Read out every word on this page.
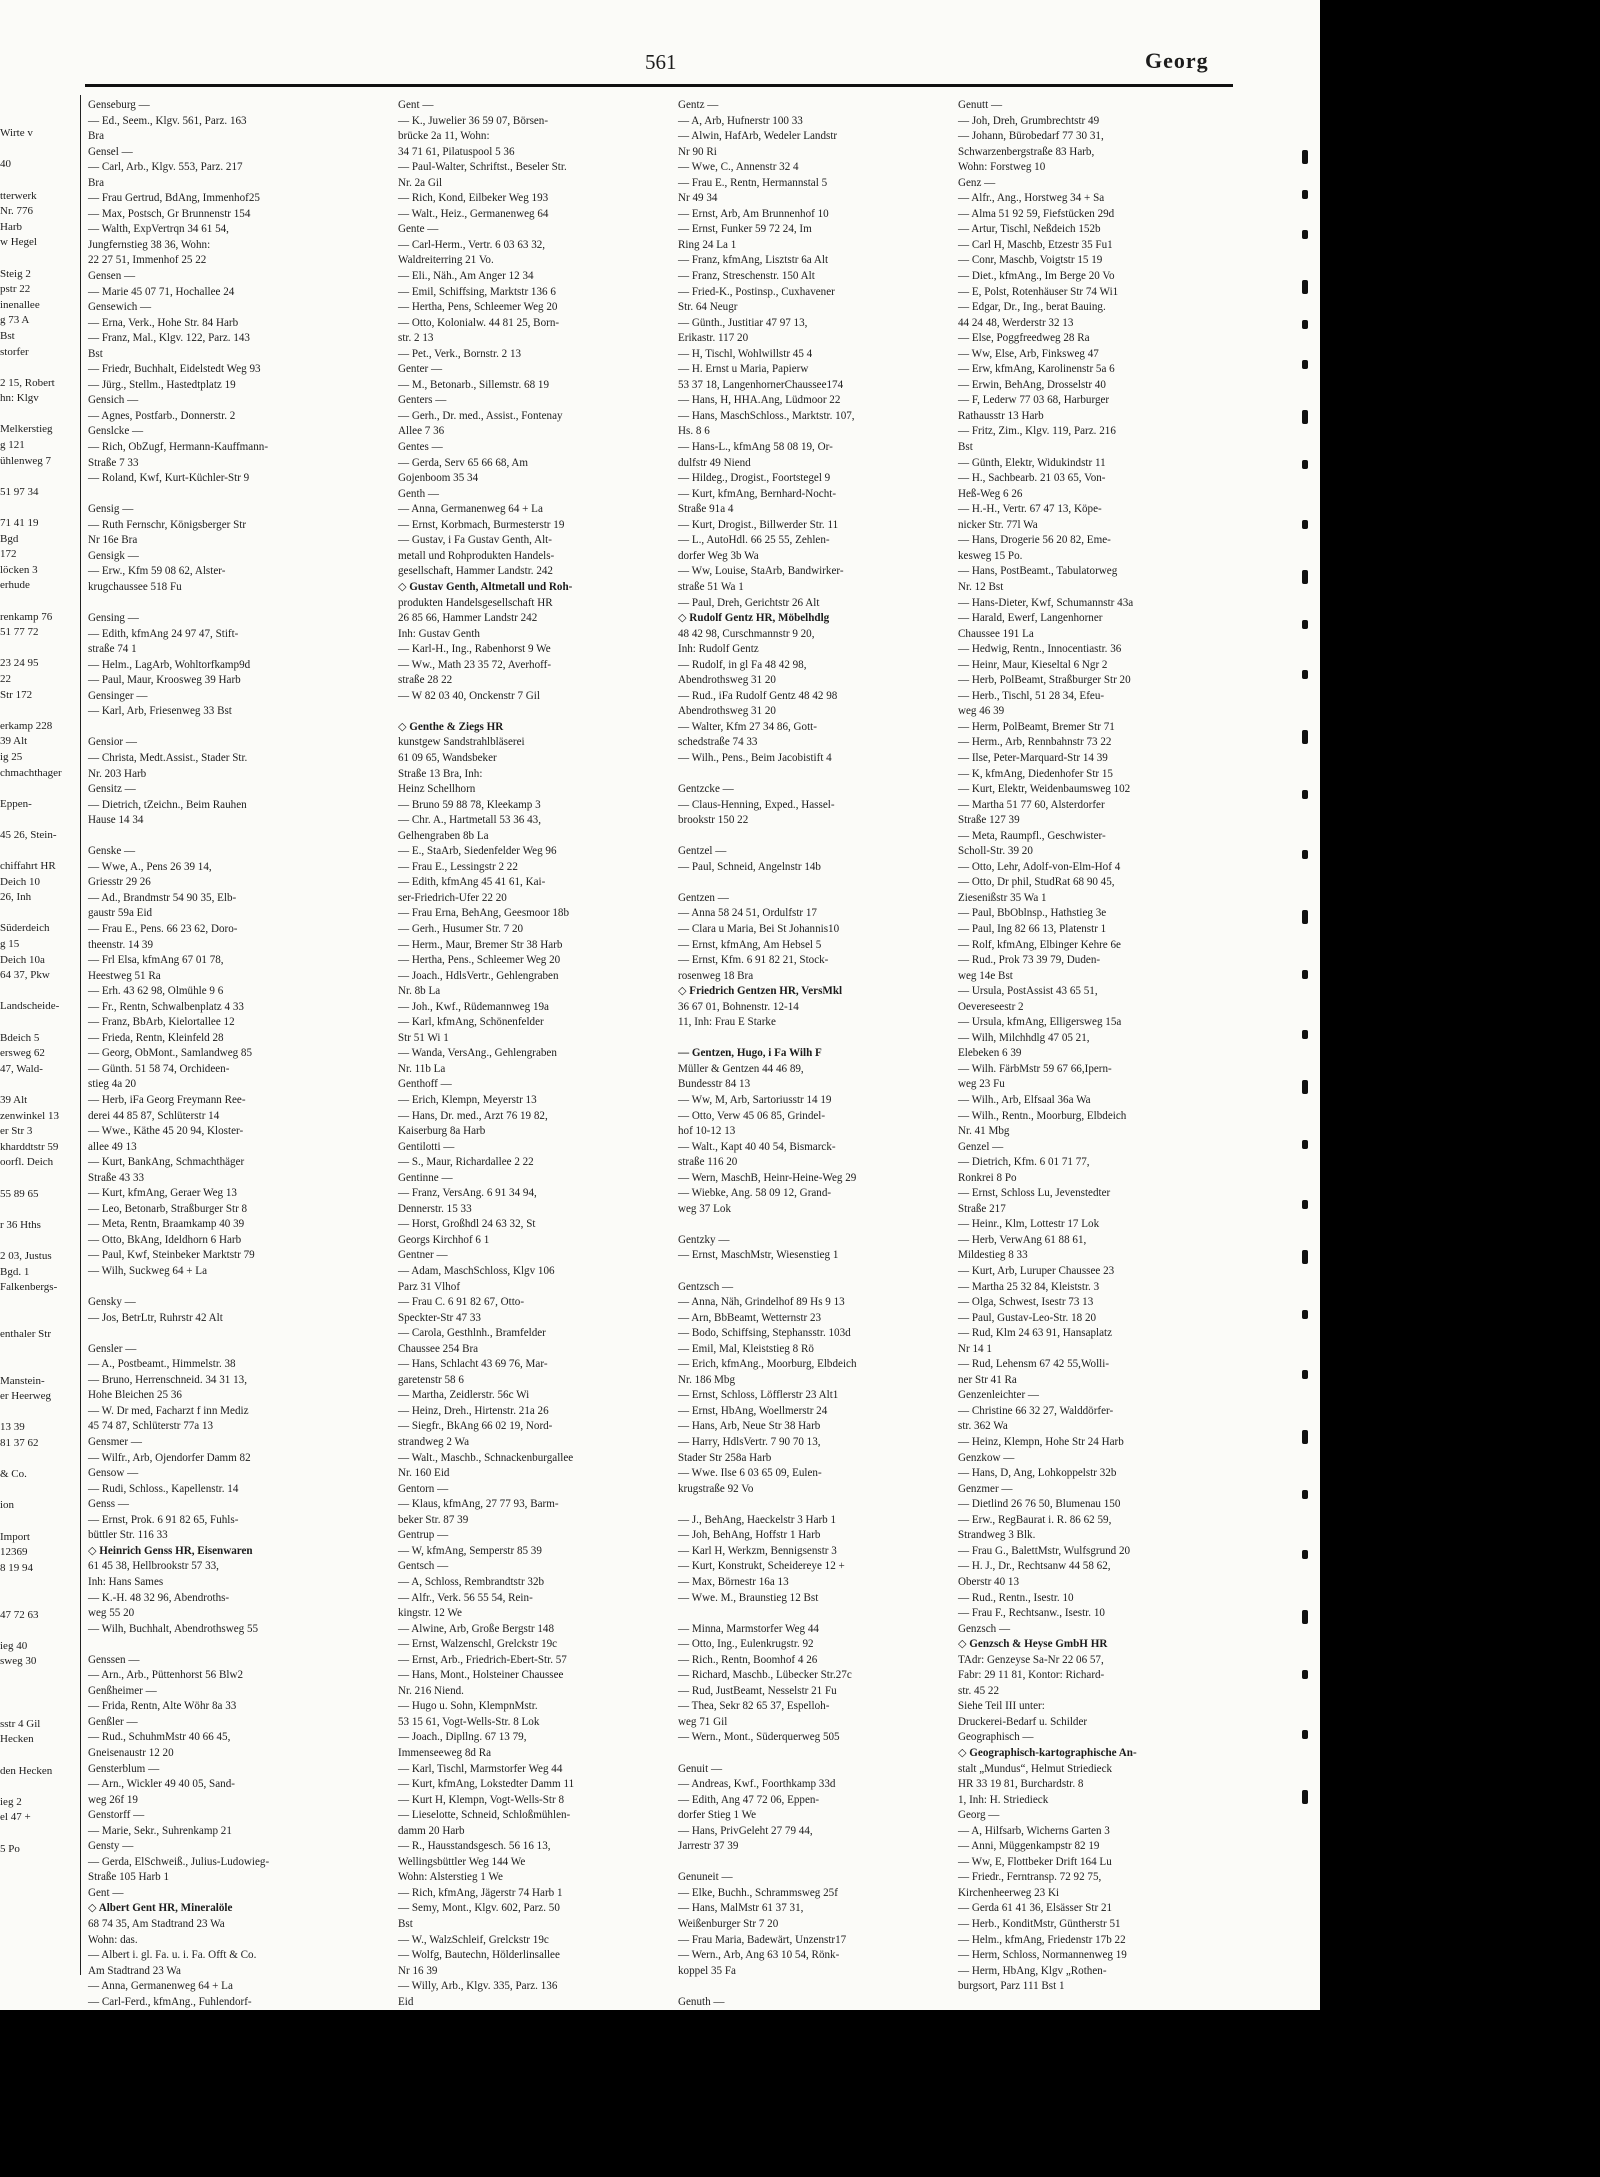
Wirte v
40
tterwerk
Nr. 776
Harb
w Hegel
Steig 2
pstr 22
inenallee
g 73 A
Bst
storfer
2 15, Robert
hn: Klgv
Melkerstieg
g 121
ühlenweg 7
51 97 34
71 41 19
Bgd
172
löcken 3
erhude
renkamp 76
51 77 72
23 24 95
22
Str 172
erkamp 228
39 Alt
ig 25
chmachthager
Eppen-
45 26, Stein-
chiffahrt HR
Deich 10
26, Inh
Süderdeich
g 15
Deich 10a
64 37, Pkw
Landscheide-
Bdeich 5
ersweg 62
47, Wald-
39 Alt
zenwinkel 13
er Str 3
kharddtstr 59
oorfl. Deich
55 89 65
r 36 Hths
2 03, Justus
Bgd. 1
Falkenbergs-
enthaler Str
Manstein-
er Heerweg
13 39
81 37 62
& Co.
ion
Import
12369
8 19 94
47 72 63
ieg 40
sweg 30
sstr 4 Gil
Hecken
den Hecken
ieg 2
el 47 +
5 Po
561	Georg
Genseburg —
— Ed., Seem., Klgv. 561, Parz. 163
Bra
Gensel —
— Carl, Arb., Klgv. 553, Parz. 217
Bra
— Frau Gertrud, BdAng, Immenhof25
— Max, Postsch, Gr Brunnenstr 154
— Walth, ExpVertrqn 34 61 54,
Jungfernstieg 38 36, Wohn:
22 27 51, Immenhof 25 22
Gensen —
— Marie 45 07 71, Hochallee 24
Gensewich —
— Erna, Verk., Hohe Str. 84 Harb
— Franz, Mal., Klgv. 122, Parz. 143
Bst
— Friedr, Buchhalt, Eidelstedt Weg 93
— Jürg., Stellm., Hastedtplatz 19
Gensich —
— Agnes, Postfarb., Donnerstr. 2
Genslcke —
— Rich, ObZugf, Hermann-Kauffmann-
Straße 7 33
— Roland, Kwf, Kurt-Küchler-Str 9
Gensig —
— Ruth Fernschr, Königsberger Str
Nr 16e Bra
Gensigk —
— Erw., Kfm 59 08 62, Alster-
krugchaussee 518 Fu
Gensing —
— Edith, kfmAng 24 97 47, Stift-
straße 74 1
— Helm., LagArb, Wohltorfkamp9d
— Paul, Maur, Kroosweg 39 Harb
Gensinger —
— Karl, Arb, Friesenweg 33 Bst
Gensior —
— Christa, Medt.Assist., Stader Str.
Nr. 203 Harb
Gensitz —
— Dietrich, tZeichn., Beim Rauhen
Hause 14 34
Genske —
— Wwe, A., Pens 26 39 14,
Griesstr 29 26
— Ad., Brandmstr 54 90 35, Elb-
gaustr 59a Eid
— Frau E., Pens. 66 23 62, Doro-
theenstr. 14 39
— Frl Elsa, kfmAng 67 01 78,
Heestweg 51 Ra
— Erh. 43 62 98, Olmühle 9 6
— Fr., Rentn, Schwalbenplatz 4 33
— Franz, BbArb, Kielortallee 12
— Frieda, Rentn, Kleinfeld 28
— Georg, ObMont., Samlandweg 85
— Günth. 51 58 74, Orchideen-
stieg 4a 20
— Herb, iFa Georg Freymann Ree-
derei 44 85 87, Schlüterstr 14
— Wwe., Käthe 45 20 94, Kloster-
allee 49 13
— Kurt, BankAng, Schmachthäger
Straße 43 33
— Kurt, kfmAng, Geraer Weg 13
— Leo, Betonarb, Straßburger Str 8
— Meta, Rentn, Braamkamp 40 39
— Otto, BkAng, Ideldhorn 6 Harb
— Paul, Kwf, Steinbeker Marktstr 79
— Wilh, Suckweg 64 + La
Gensky —
— Jos, BetrLtr, Ruhrstr 42 Alt
Gensler —
— A., Postbeamt., Himmelstr. 38
— Bruno, Herrenschneid. 34 31 13,
Hohe Bleichen 25 36
— W. Dr med, Facharzt f inn Mediz
45 74 87, Schlüterstr 77a 13
Gensmer —
— Wilfr., Arb, Ojendorfer Damm 82
Gensow —
— Rudi, Schloss., Kapellenstr. 14
Genss —
— Ernst, Prok. 6 91 82 65, Fuhls-
büttler Str. 116 33
◇ Heinrich Genss HR, Eisenwaren
61 45 38, Hellbrookstr 57 33,
Inh: Hans Sames
— K.-H. 48 32 96, Abendroths-
weg 55 20
— Wilh, Buchhalt, Abendrothsweg 55
Genssen —
— Arn., Arb., Püttenhorst 56 Blw2
Genßheimer —
— Frida, Rentn, Alte Wöhr 8a 33
Genßler —
— Rud., SchuhmMstr 40 66 45,
Gneisenaustr 12 20
Gensterblum —
— Arn., Wickler 49 40 05, Sand-
weg 26f 19
Genstorff —
— Marie, Sekr., Suhrenkamp 21
Gensty —
— Gerda, ElSchweiß., Julius-Ludowieg-
Straße 105 Harb 1
Gent —
◇ Albert Gent HR, Mineralöle
68 74 35, Am Stadtrand 23 Wa
Wohn: das.
— Albert i. gl. Fa. u. i. Fa. Offt & Co.
Am Stadtrand 23 Wa
— Anna, Germanenweg 64 + La
— Carl-Ferd., kfmAng., Fuhlendorf-
Gent —
— K., Juwelier 36 59 07, Börsen-
brücke 2a 11, Wohn:
34 71 61, Pilatuspool 5 36
— Paul-Walter, Schriftst., Beseler Str.
Nr. 2a Gil
— Rich, Kond, Eilbeker Weg 193
— Walt., Heiz., Germanenweg 64
Gente —
— Carl-Herm., Vertr. 6 03 63 32,
Waldreiterring 21 Vo.
— Eli., Näh., Am Anger 12 34
— Emil, Schiffsing, Marktstr 136 6
— Hertha, Pens, Schleemer Weg 20
— Otto, Kolonialw. 44 81 25, Born-
str. 2 13
— Pet., Verk., Bornstr. 2 13
Genter —
— M., Betonarb., Sillemstr. 68 19
Genters —
— Gerh., Dr. med., Assist., Fontenay
Allee 7 36
Gentes —
— Gerda, Serv 65 66 68, Am
Gojenboom 35 34
Genth —
— Anna, Germanenweg 64 + La
— Ernst, Korbmach, Burmesterstr 19
— Gustav, i Fa Gustav Genth, Alt-
metall und Rohprodukten Handels-
gesellschaft, Hammer Landstr. 242
◇ Gustav Genth, Altmetall und Roh-
produkten Handelsgesellschaft HR
26 85 66, Hammer Landstr 242
Inh: Gustav Genth
— Karl-H., Ing., Rabenhorst 9 We
— Ww., Math 23 35 72, Averhoff-
straße 28 22
— W 82 03 40, Onckenstr 7 Gil
◇ Genthe & Ziegs HR
kunstgew Sandstrahlbläserei
61 09 65, Wandsbeker
Straße 13 Bra, Inh:
Heinz Schellhorn
— Bruno 59 88 78, Kleekamp 3
— Chr. A., Hartmetall 53 36 43,
Gelhengraben 8b La
— E., StaArb, Siedenfelder Weg 96
— Frau E., Lessingstr 2 22
— Edith, kfmAng 45 41 61, Kai-
ser-Friedrich-Ufer 22 20
— Frau Erna, BehAng, Geesmoor 18b
— Gerh., Husumer Str. 7 20
— Herm., Maur, Bremer Str 38 Harb
— Hertha, Pens., Schleemer Weg 20
— Joach., HdlsVertr., Gehlengraben
Nr. 8b La
— Joh., Kwf., Rüdemannweg 19a
— Karl, kfmAng, Schönenfelder
Str 51 Wi 1
— Wanda, VersAng., Gehlengraben
Nr. 11b La
Genthoff —
— Erich, Klempn, Meyerstr 13
— Hans, Dr. med., Arzt 76 19 82,
Kaiserburg 8a Harb
Gentilotti —
— S., Maur, Richardallee 2 22
Gentinne —
— Franz, VersAng. 6 91 34 94,
Dennerstr. 15 33
— Horst, Großhdl 24 63 32, St
Georgs Kirchhof 6 1
Gentner —
— Adam, MaschSchloss, Klgv 106
Parz 31 Vlhof
— Frau C. 6 91 82 67, Otto-
Speckter-Str 47 33
— Carola, Gesthlnh., Bramfelder
Chaussee 254 Bra
— Hans, Schlacht 43 69 76, Mar-
garetenstr 58 6
— Martha, Zeidlerstr. 56c Wi
— Heinz, Dreh., Hirtenstr. 21a 26
— Siegfr., BkAng 66 02 19, Nord-
strandweg 2 Wa
— Walt., Maschb., Schnackenburgallee
Nr. 160 Eid
Gentorn —
— Klaus, kfmAng, 27 77 93, Barm-
beker Str. 87 39
Gentrup —
— W, kfmAng, Semperstr 85 39
Gentsch —
— A, Schloss, Rembrandtstr 32b
— Alfr., Verk. 56 55 54, Rein-
kingstr. 12 We
— Alwine, Arb, Große Bergstr 148
— Ernst, Walzenschl, Grelckstr 19c
— Ernst, Arb., Friedrich-Ebert-Str. 57
— Hans, Mont., Holsteiner Chaussee
Nr. 216 Niend.
— Hugo u. Sohn, KlempnMstr.
53 15 61, Vogt-Wells-Str. 8 Lok
— Joach., Dipllng. 67 13 79,
Immenseeweg 8d Ra
— Karl, Tischl, Marmstorfer Weg 44
— Kurt, kfmAng, Lokstedter Damm 11
— Kurt H, Klempn, Vogt-Wells-Str 8
— Lieselotte, Schneid, Schloßmühlen-
damm 20 Harb
— R., Hausstandsgesch. 56 16 13,
Wellingsbüttler Weg 144 We
Wohn: Alsterstieg 1 We
— Rich, kfmAng, Jägerstr 74 Harb 1
— Semy, Mont., Klgv. 602, Parz. 50
Bst
— W., WalzSchleif, Grelckstr 19c
— Wolfg, Bautechn, Hölderlinsallee
Nr 16 39
— Willy, Arb., Klgv. 335, Parz. 136
Eid
Gentz —
— A, Arb, Hufnerstr 100 33
— Alwin, HafArb, Wedeler Landstr
Nr 90 Ri
— Wwe, C., Annenstr 32 4
— Frau E., Rentn, Hermannstal 5
Nr 49 34
— Ernst, Arb, Am Brunnenhof 10
— Ernst, Funker 59 72 24, Im
Ring 24 La 1
— Franz, kfmAng, Lisztstr 6a Alt
— Franz, Streschenstr. 150 Alt
— Fried-K., Postinsp., Cuxhavener
Str. 64 Neugr
— Günth., Justitiar 47 97 13,
Erikastr. 117 20
— H, Tischl, Wohlwillstr 45 4
— H. Ernst u Maria, Papierw
53 37 18, LangenhornerChaussee174
— Hans, H, HHA.Ang, Lüdmoor 22
— Hans, MaschSchloss., Marktstr. 107,
Hs. 8 6
— Hans-L., kfmAng 58 08 19, Or-
dulfstr 49 Niend
— Hildeg., Drogist., Foortstegel 9
— Kurt, kfmAng, Bernhard-Nocht-
Straße 91a 4
— Kurt, Drogist., Billwerder Str. 11
— L., AutoHdl. 66 25 55, Zehlen-
dorfer Weg 3b Wa
— Ww, Louise, StaArb, Bandwirker-
straße 51 Wa 1
— Paul, Dreh, Gerichtstr 26 Alt
◇ Rudolf Gentz HR, Möbelhdlg
48 42 98, Curschmannstr 9 20,
Inh: Rudolf Gentz
— Rudolf, in gl Fa 48 42 98,
Abendrothsweg 31 20
— Rud., iFa Rudolf Gentz 48 42 98
Abendrothsweg 31 20
— Walter, Kfm 27 34 86, Gott-
schedstraße 74 33
— Wilh., Pens., Beim Jacobistift 4
Gentzcke —
— Claus-Henning, Exped., Hassel-
brookstr 150 22
Gentzel —
— Paul, Schneid, Angelnstr 14b
Gentzen —
— Anna 58 24 51, Ordulfstr 17
— Clara u Maria, Bei St Johannis10
— Ernst, kfmAng, Am Hebsel 5
— Ernst, Kfm. 6 91 82 21, Stock-
rosenweg 18 Bra
◇ Friedrich Gentzen HR, VersMkl
36 67 01, Bohnenstr. 12-14
11, Inh: Frau E Starke
— Gentzen, Hugo, i Fa Wilh F
Müller & Gentzen 44 46 89,
Bundesstr 84 13
— Ww, M, Arb, Sartoriusstr 14 19
— Otto, Verw 45 06 85, Grindel-
hof 10-12 13
— Walt., Kapt 40 40 54, Bismarck-
straße 116 20
— Wern, MaschB, Heinr-Heine-Weg 29
— Wiebke, Ang. 58 09 12, Grand-
weg 37 Lok
Gentzky —
— Ernst, MaschMstr, Wiesenstieg 1
Gentzsch —
— Anna, Näh, Grindelhof 89 Hs 9 13
— Arn, BbBeamt, Wetternstr 23
— Bodo, Schiffsing, Stephansstr. 103d
— Emil, Mal, Kleiststieg 8 Rö
— Erich, kfmAng., Moorburg, Elbdeich
Nr. 186 Mbg
— Ernst, Schloss, Löfflerstr 23 Alt1
— Ernst, HbAng, Woellmerstr 24
— Hans, Arb, Neue Str 38 Harb
— Harry, HdlsVertr. 7 90 70 13,
Stader Str 258a Harb
— Wwe. Ilse 6 03 65 09, Eulen-
krugstraße 92 Vo
— J., BehAng, Haeckelstr 3 Harb 1
— Joh, BehAng, Hoffstr 1 Harb
— Karl H, Werkzm, Bennigsenstr 3
— Kurt, Konstrukt, Scheidereye 12 +
— Max, Börnestr 16a 13
— Wwe. M., Braunstieg 12 Bst
— Minna, Marmstorfer Weg 44
— Otto, Ing., Eulenkrugstr. 92
— Rich., Rentn, Boomhof 4 26
— Richard, Maschb., Lübecker Str.27c
— Rud, JustBeamt, Nesselstr 21 Fu
— Thea, Sekr 82 65 37, Espelloh-
weg 71 Gil
— Wern., Mont., Süderquerweg 505
Genuit —
— Andreas, Kwf., Foorthkamp 33d
— Edith, Ang 47 72 06, Eppen-
dorfer Stieg 1 We
— Hans, PrivGeleht 27 79 44,
Jarrestr 37 39
Genuneit —
— Elke, Buchh., Schrammsweg 25f
— Hans, MalMstr 61 37 31,
Weißenburger Str 7 20
— Frau Maria, Badewärt, Unzenstr17
— Wern., Arb, Ang 63 10 54, Rönk-
koppel 35 Fa
Genuth —
Genutt —
— Joh, Dreh, Grumbrechtstr 49
— Johann, Bürobedarf 77 30 31,
Schwarzenbergstraße 83 Harb,
Wohn: Forstweg 10
Genz —
— Alfr., Ang., Horstweg 34 + Sa
— Alma 51 92 59, Fiefstücken 29d
— Artur, Tischl, Neßdeich 152b
— Carl H, Maschb, Etzestr 35 Fu1
— Conr, Maschb, Voigtstr 15 19
— Diet., kfmAng., Im Berge 20 Vo
— E, Polst, Rotenhäuser Str 74 Wi1
— Edgar, Dr., Ing., berat Bauing.
44 24 48, Werderstr 32 13
— Else, Poggfreedweg 28 Ra
— Ww, Else, Arb, Finksweg 47
— Erw, kfmAng, Karolinenstr 5a 6
— Erwin, BehAng, Drosselstr 40
— F, Lederw 77 03 68, Harburger
Rathausstr 13 Harb
— Fritz, Zim., Klgv. 119, Parz. 216
Bst
— Günth, Elektr, Widukindstr 11
— H., Sachbearb. 21 03 65, Von-
Heß-Weg 6 26
— H.-H., Vertr. 67 47 13, Köpe-
nicker Str. 77l Wa
— Hans, Drogerie 56 20 82, Eme-
kesweg 15 Po.
— Hans, PostBeamt., Tabulatorweg
Nr. 12 Bst
— Hans-Dieter, Kwf, Schumannstr 43a
— Harald, Ewerf, Langenhorner
Chaussee 191 La
— Hedwig, Rentn., Innocentiastr. 36
— Heinr, Maur, Kieseltal 6 Ngr 2
— Herb, PolBeamt, Straßburger Str 20
— Herb., Tischl, 51 28 34, Efeu-
weg 46 39
— Herm, PolBeamt, Bremer Str 71
— Herm., Arb, Rennbahnstr 73 22
— Ilse, Peter-Marquard-Str 14 39
— K, kfmAng, Diedenhofer Str 15
— Kurt, Elektr, Weidenbaumsweg 102
— Martha 51 77 60, Alsterdorfer
Straße 127 39
— Meta, Raumpfl., Geschwister-
Scholl-Str. 39 20
— Otto, Lehr, Adolf-von-Elm-Hof 4
— Otto, Dr phil, StudRat 68 90 45,
Ziesenißstr 35 Wa 1
— Paul, BbOblnsp., Hathstieg 3e
— Paul, Ing 82 66 13, Platenstr 1
— Rolf, kfmAng, Elbinger Kehre 6e
— Rud., Prok 73 39 79, Duden-
weg 14e Bst
— Ursula, PostAssist 43 65 51,
Oevereseestr 2
— Ursula, kfmAng, Elligersweg 15a
— Wilh, Milchhdlg 47 05 21,
Elebeken 6 39
— Wilh. FärbMstr 59 67 66,Ipern-
weg 23 Fu
— Wilh., Arb, Elfsaal 36a Wa
— Wilh., Rentn., Moorburg, Elbdeich
Nr. 41 Mbg
Genzel —
— Dietrich, Kfm. 6 01 71 77,
Ronkrei 8 Po
— Ernst, Schloss Lu, Jevenstedter
Straße 217
— Heinr., Klm, Lottestr 17 Lok
— Herb, VerwAng 61 88 61,
Mildestieg 8 33
— Kurt, Arb, Luruper Chaussee 23
— Martha 25 32 84, Kleiststr. 3
— Olga, Schwest, Isestr 73 13
— Paul, Gustav-Leo-Str. 18 20
— Rud, Klm 24 63 91, Hansaplatz
Nr 14 1
— Rud, Lehensm 67 42 55,Wolli-
ner Str 41 Ra
Genzenleichter —
— Christine 66 32 27, Walddörfer-
str. 362 Wa
— Heinz, Klempn, Hohe Str 24 Harb
Genzkow —
— Hans, D, Ang, Lohkoppelstr 32b
Genzmer —
— Dietlind 26 76 50, Blumenau 150
— Erw., RegBaurat i. R. 86 62 59,
Strandweg 3 Blk.
— Frau G., BalettMstr, Wulfsgrund 20
— H. J., Dr., Rechtsanw 44 58 62,
Oberstr 40 13
— Rud., Rentn., Isestr. 10
— Frau F., Rechtsanw., Isestr. 10
Genzsch —
◇ Genzsch & Heyse GmbH HR
TAdr: Genzeyse Sa-Nr 22 06 57,
Fabr: 29 11 81, Kontor: Richard-
str. 45 22
Siehe Teil III unter:
Druckerei-Bedarf u. Schilder
Geographisch —
◇ Geographisch-kartographische An-
stalt „Mundus“, Helmut Striedieck
HR 33 19 81, Burchardstr. 8
1, Inh: H. Striedieck
Georg —
— A, Hilfsarb, Wicherns Garten 3
— Anni, Müggenkampstr 82 19
— Ww, E, Flottbeker Drift 164 Lu
— Friedr., Ferntransp. 72 92 75,
Kirchenheerweg 23 Ki
— Gerda 61 41 36, Elsässer Str 21
— Herb., KonditMstr, Güntherstr 51
— Helm., kfmAng, Friedenstr 17b 22
— Herm, Schloss, Normannenweg 19
— Herm, HbAng, Klgv „Rothen-
burgsort, Parz 111 Bst 1
